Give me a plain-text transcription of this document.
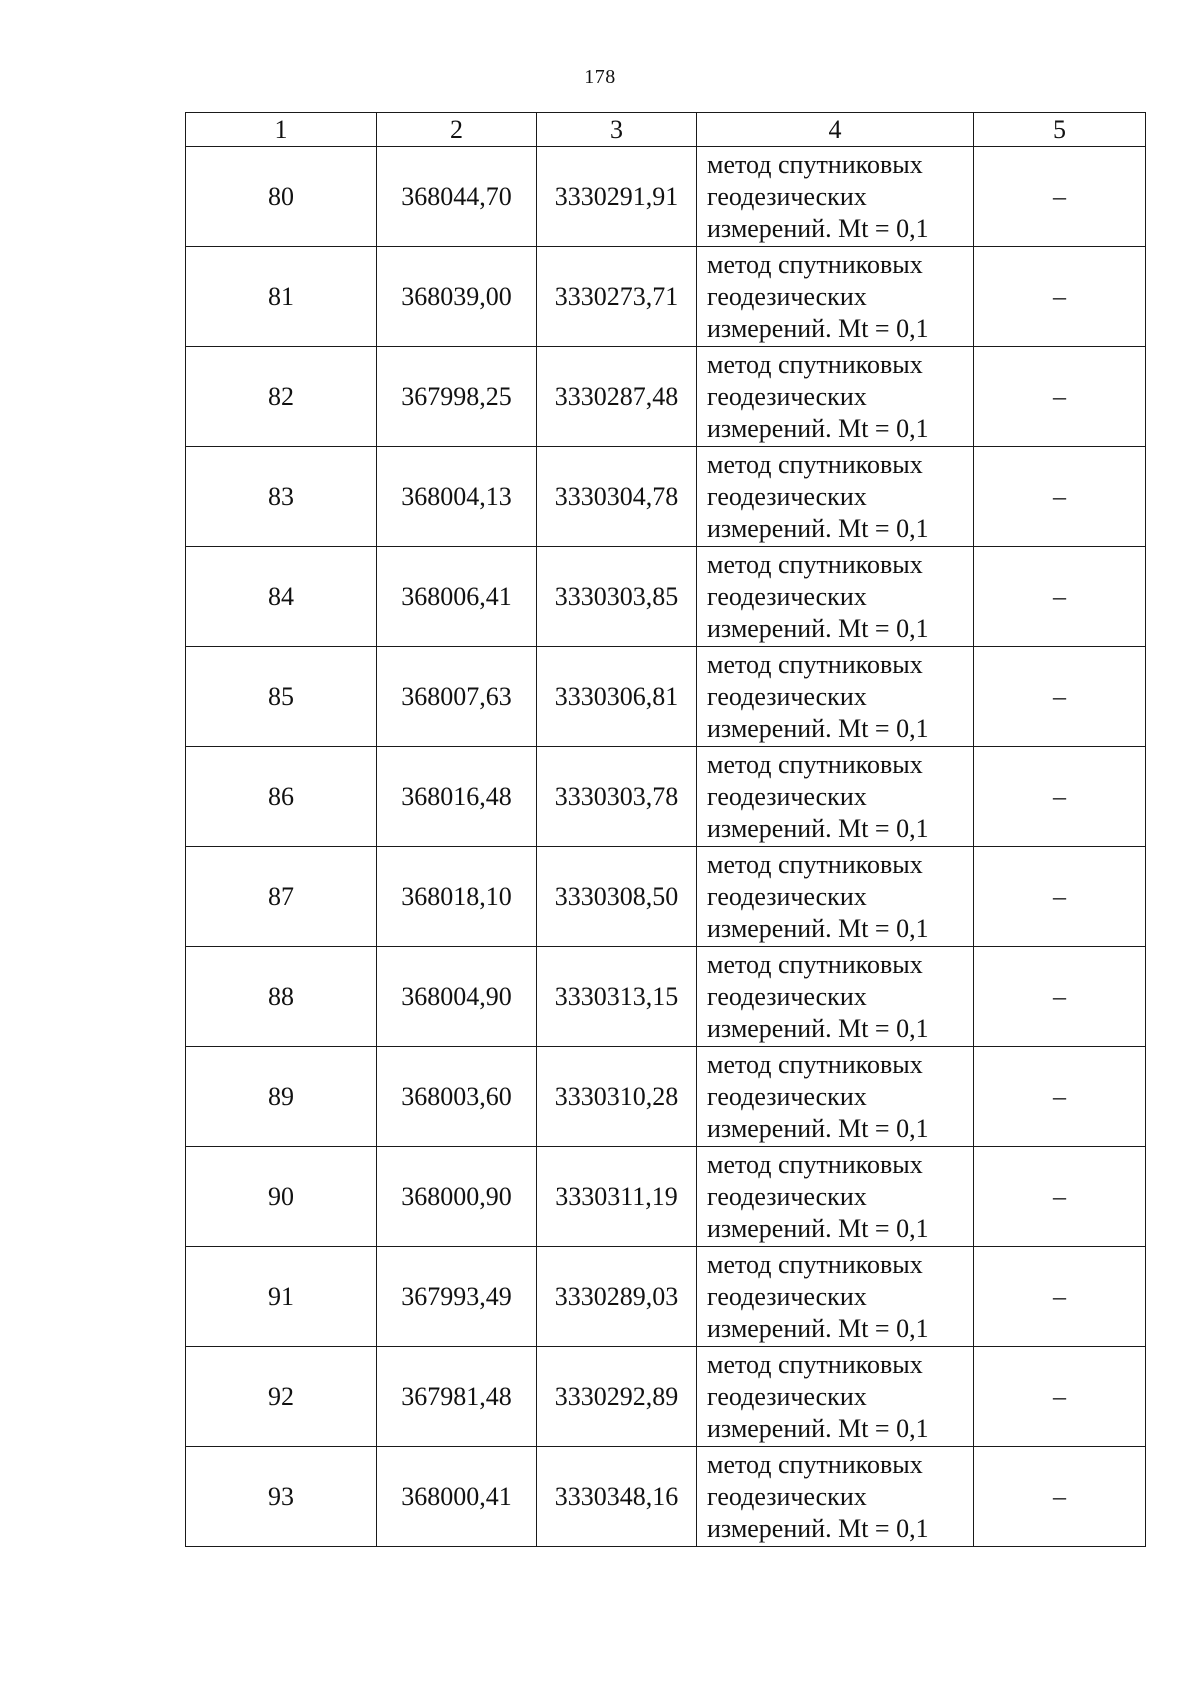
178
1	2	3	4	5
80	368044,70	3330291,91	метод спутниковых
геодезических
измерений. Mt = 0,1	–
81	368039,00	3330273,71	метод спутниковых
геодезических
измерений. Mt = 0,1	–
82	367998,25	3330287,48	метод спутниковых
геодезических
измерений. Mt = 0,1	–
83	368004,13	3330304,78	метод спутниковых
геодезических
измерений. Mt = 0,1	–
84	368006,41	3330303,85	метод спутниковых
геодезических
измерений. Mt = 0,1	–
85	368007,63	3330306,81	метод спутниковых
геодезических
измерений. Mt = 0,1	–
86	368016,48	3330303,78	метод спутниковых
геодезических
измерений. Mt = 0,1	–
87	368018,10	3330308,50	метод спутниковых
геодезических
измерений. Mt = 0,1	–
88	368004,90	3330313,15	метод спутниковых
геодезических
измерений. Mt = 0,1	–
89	368003,60	3330310,28	метод спутниковых
геодезических
измерений. Mt = 0,1	–
90	368000,90	3330311,19	метод спутниковых
геодезических
измерений. Mt = 0,1	–
91	367993,49	3330289,03	метод спутниковых
геодезических
измерений. Mt = 0,1	–
92	367981,48	3330292,89	метод спутниковых
геодезических
измерений. Mt = 0,1	–
93	368000,41	3330348,16	метод спутниковых
геодезических
измерений. Mt = 0,1	–
